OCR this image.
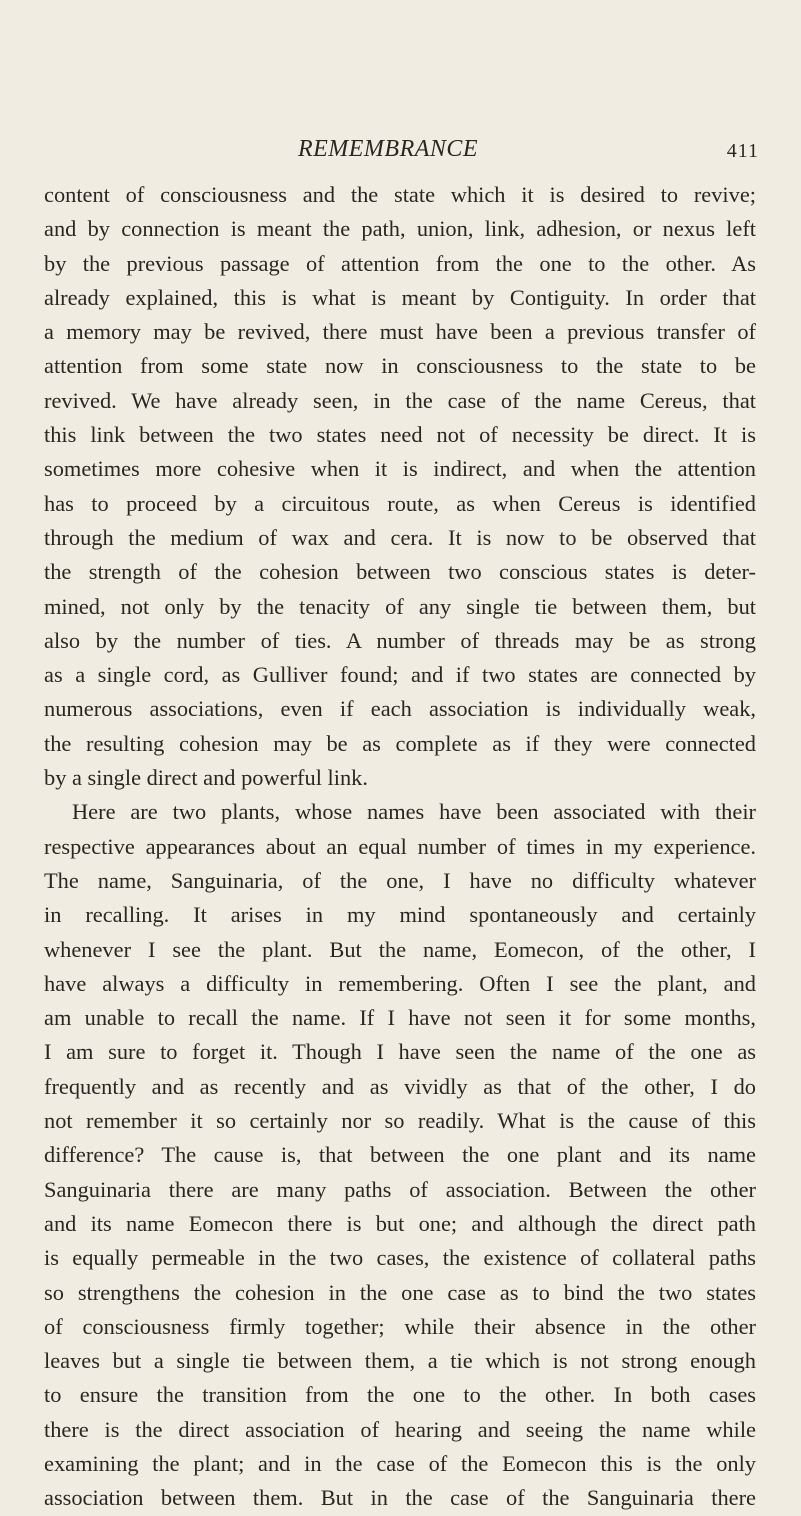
REMEMBRANCE	411
content of consciousness and the state which it is desired to revive;
and by connection is meant the path, union, link, adhesion, or nexus left
by the previous passage of attention from the one to the other. As
already explained, this is what is meant by Contiguity. In order that
a memory may be revived, there must have been a previous transfer of
attention from some state now in consciousness to the state to be
revived. We have already seen, in the case of the name Cereus, that
this link between the two states need not of necessity be direct. It is
sometimes more cohesive when it is indirect, and when the attention
has to proceed by a circuitous route, as when Cereus is identified
through the medium of wax and cera. It is now to be observed that
the strength of the cohesion between two conscious states is deter-
mined, not only by the tenacity of any single tie between them, but
also by the number of ties. A number of threads may be as strong
as a single cord, as Gulliver found; and if two states are connected by
numerous associations, even if each association is individually weak,
the resulting cohesion may be as complete as if they were connected
by a single direct and powerful link.
Here are two plants, whose names have been associated with their
respective appearances about an equal number of times in my experience.
The name, Sanguinaria, of the one, I have no difficulty whatever
in recalling. It arises in my mind spontaneously and certainly
whenever I see the plant. But the name, Eomecon, of the other, I
have always a difficulty in remembering. Often I see the plant, and
am unable to recall the name. If I have not seen it for some months,
I am sure to forget it. Though I have seen the name of the one as
frequently and as recently and as vividly as that of the other, I do
not remember it so certainly nor so readily. What is the cause of this
difference? The cause is, that between the one plant and its name
Sanguinaria there are many paths of association. Between the other
and its name Eomecon there is but one; and although the direct path
is equally permeable in the two cases, the existence of collateral paths
so strengthens the cohesion in the one case as to bind the two states
of consciousness firmly together; while their absence in the other
leaves but a single tie between them, a tie which is not strong enough
to ensure the transition from the one to the other. In both cases
there is the direct association of hearing and seeing the name while
examining the plant; and in the case of the Eomecon this is the only
association between them. But in the case of the Sanguinaria there
